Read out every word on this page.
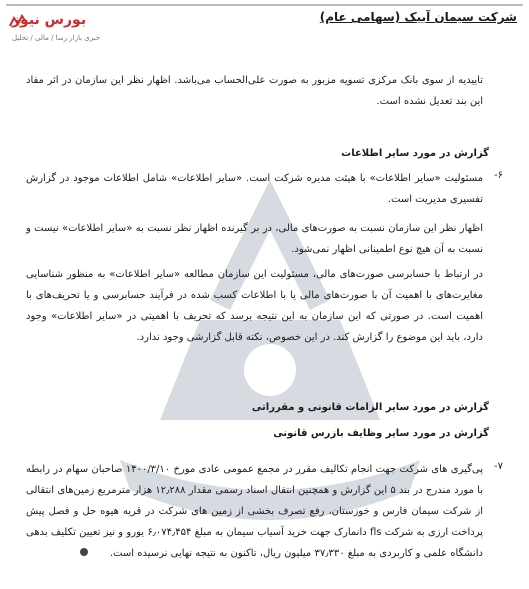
شرکت سیمان آبیک (سهامی عام)
بورس نیوز
خبری بازار رسا / مالی / تحلیل
تاییدیه از سوی بانک مرکزی تسویه مزبور به صورت علی‌الحساب می‌باشد. اظهار نظر این سازمان در اثر مفاد این بند تعدیل نشده است.
گزارش در مورد سایر اطلاعات
۶-
مسئولیت «سایر اطلاعات» با هیئت مدیره شرکت است. «سایر اطلاعات» شامل اطلاعات موجود در گزارش تفسیری مدیریت است.
اظهار نظر این سازمان نسبت به صورت‌های مالی، در بر گیرنده اظهار نظر نسبت به «سایر اطلاعات» نیست و نسبت به آن هیچ نوع اطمینانی اظهار نمی‌شود.
در ارتباط با حسابرسی صورت‌های مالی، مسئولیت این سازمان مطالعه «سایر اطلاعات» به منظور شناسایی مغایرت‌های با اهمیت آن با صورت‌های مالی یا با اطلاعات کسب شده در فرآیند حسابرسی و یا تحریف‌های با اهمیت است. در صورتی که این سازمان به این نتیجه برسد که تحریف با اهمیتی در «سایر اطلاعات» وجود دارد، باید این موضوع را گزارش کند. در این خصوص، نکته قابل گزارشی وجود ندارد.
گزارش در مورد سایر الزامات قانونی و مقرراتی
گزارش در مورد سایر وظایف بازرس قانونی
۷-
پی‌گیری های شرکت جهت انجام تکالیف مقرر در مجمع عمومی عادی مورخ ۱۴۰۰/۳/۱۰ صاحبان سهام در رابطه با مورد مندرج در بند ۵ این گزارش و همچنین انتقال اسناد رسمی مقدار ۱۲٫۲۸۸ هزار مترمربع زمین‌های انتقالی از شرکت سیمان فارس و خوزستان، رفع تصرف بخشی از زمین های شرکت در قریه هیوه حل و فصل پیش پرداخت ارزی به شرکت fls دانمارک جهت خرید آسیاب سیمان به مبلغ ۶٫۰۷۴٫۴۵۴ یورو و نیز تعیین تکلیف بدهی دانشگاه علمی و کاربردی به مبلغ ۳۷٫۳۳۰ میلیون ریال، تاکنون به نتیجه نهایی نرسیده است.
